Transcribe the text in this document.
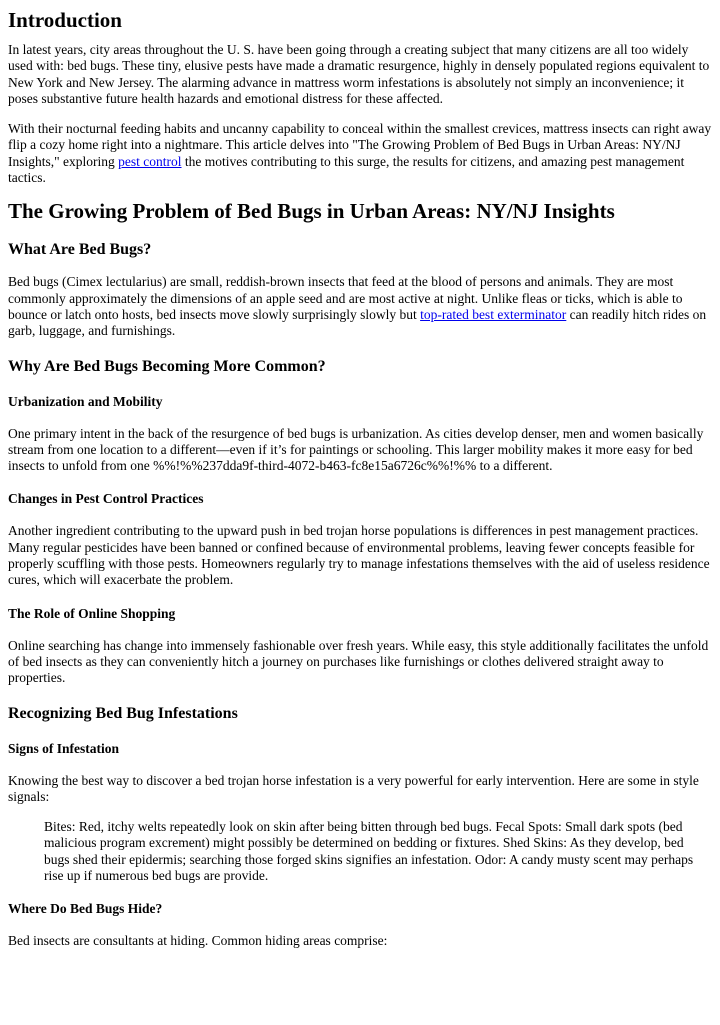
Introduction

In latest years, city areas throughout the U. S. have been going through a creating subject that many citizens are all too widely used with: bed bugs. These tiny, elusive pests have made a dramatic resurgence, highly in densely populated regions equivalent to New York and New Jersey. The alarming advance in mattress worm infestations is absolutely not simply an inconvenience; it poses substantive future health hazards and emotional distress for these affected.

With their nocturnal feeding habits and uncanny capability to conceal within the smallest crevices, mattress insects can right away flip a cozy home right into a nightmare. This article delves into "The Growing Problem of Bed Bugs in Urban Areas: NY/NJ Insights," exploring pest control the motives contributing to this surge, the results for citizens, and amazing pest management tactics.

The Growing Problem of Bed Bugs in Urban Areas: NY/NJ Insights
What Are Bed Bugs?

Bed bugs (Cimex lectularius) are small, reddish-brown insects that feed at the blood of persons and animals. They are most commonly approximately the dimensions of an apple seed and are most active at night. Unlike fleas or ticks, which is able to bounce or latch onto hosts, bed insects move slowly surprisingly slowly but top-rated best exterminator can readily hitch rides on garb, luggage, and furnishings.

Why Are Bed Bugs Becoming More Common?
Urbanization and Mobility

One primary intent in the back of the resurgence of bed bugs is urbanization. As cities develop denser, men and women basically stream from one location to a different—even if it’s for paintings or schooling. This larger mobility makes it more easy for bed insects to unfold from one %%!%%237dda9f-third-4072-b463-fc8e15a6726c%%!%% to a different.

Changes in Pest Control Practices

Another ingredient contributing to the upward push in bed trojan horse populations is differences in pest management practices. Many regular pesticides have been banned or confined because of environmental problems, leaving fewer concepts feasible for properly scuffling with those pests. Homeowners regularly try to manage infestations themselves with the aid of useless residence cures, which will exacerbate the problem.

The Role of Online Shopping

Online searching has change into immensely fashionable over fresh years. While easy, this style additionally facilitates the unfold of bed insects as they can conveniently hitch a journey on purchases like furnishings or clothes delivered straight away to properties.

Recognizing Bed Bug Infestations
Signs of Infestation

Knowing the best way to discover a bed trojan horse infestation is a very powerful for early intervention. Here are some in style signals:

Bites: Red, itchy welts repeatedly look on skin after being bitten through bed bugs. Fecal Spots: Small dark spots (bed malicious program excrement) might possibly be determined on bedding or fixtures. Shed Skins: As they develop, bed bugs shed their epidermis; searching those forged skins signifies an infestation. Odor: A candy musty scent may perhaps rise up if numerous bed bugs are provide.

Where Do Bed Bugs Hide?

Bed insects are consultants at hiding. Common hiding areas comprise:
